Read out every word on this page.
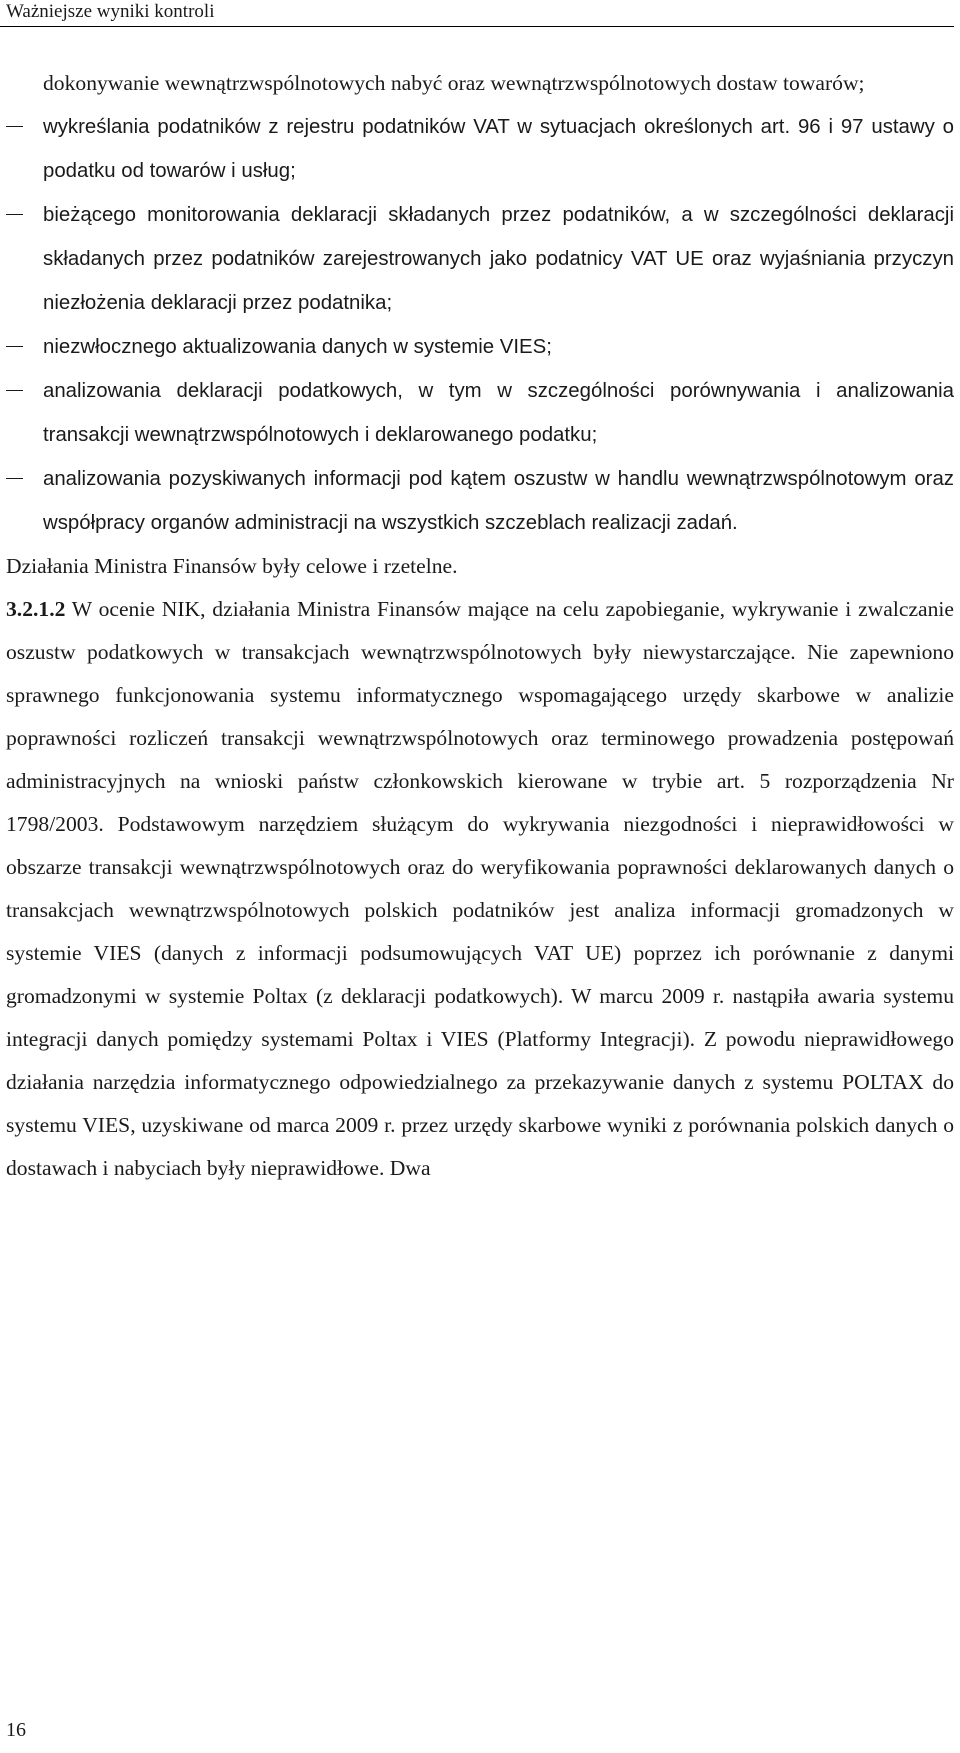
Ważniejsze wyniki kontroli

dokonywanie wewnątrzwspólnotowych nabyć oraz wewnątrzwspólnotowych dostaw towarów;

wykreślania podatników z rejestru podatników VAT w sytuacjach określonych art. 96 i 97 ustawy o podatku od towarów i usług;

bieżącego monitorowania deklaracji składanych przez podatników, a w szczególności deklaracji składanych przez podatników zarejestrowanych jako podatnicy VAT UE oraz wyjaśniania przyczyn niezłożenia deklaracji przez podatnika;

niezwłocznego aktualizowania danych w systemie VIES;

analizowania deklaracji podatkowych, w tym w szczególności porównywania i analizowania transakcji wewnątrzwspólnotowych i deklarowanego podatku;

analizowania pozyskiwanych informacji pod kątem oszustw w handlu wewnątrzwspólnotowym oraz współpracy organów administracji na wszystkich szczeblach realizacji zadań.

Działania Ministra Finansów były celowe i rzetelne.

3.2.1.2 W ocenie NIK, działania Ministra Finansów mające na celu zapobieganie, wykrywanie i zwalczanie oszustw podatkowych w transakcjach wewnątrzwspólnotowych były niewystarczające. Nie zapewniono sprawnego funkcjonowania systemu informatycznego wspomagającego urzędy skarbowe w analizie poprawności rozliczeń transakcji wewnątrzwspólnotowych oraz terminowego prowadzenia postępowań administracyjnych na wnioski państw członkowskich kierowane w trybie art. 5 rozporządzenia Nr 1798/2003. Podstawowym narzędziem służącym do wykrywania niezgodności i nieprawidłowości w obszarze transakcji wewnątrzwspólnotowych oraz do weryfikowania poprawności deklarowanych danych o transakcjach wewnątrzwspólnotowych polskich podatników jest analiza informacji gromadzonych w systemie VIES (danych z informacji podsumowujących VAT UE) poprzez ich porównanie z danymi gromadzonymi w systemie Poltax (z deklaracji podatkowych). W marcu 2009 r. nastąpiła awaria systemu integracji danych pomiędzy systemami Poltax i VIES (Platformy Integracji). Z powodu nieprawidłowego działania narzędzia informatycznego odpowiedzialnego za przekazywanie danych z systemu POLTAX do systemu VIES, uzyskiwane od marca 2009 r. przez urzędy skarbowe wyniki z porównania polskich danych o dostawach i nabyciach były nieprawidłowe. Dwa

16
